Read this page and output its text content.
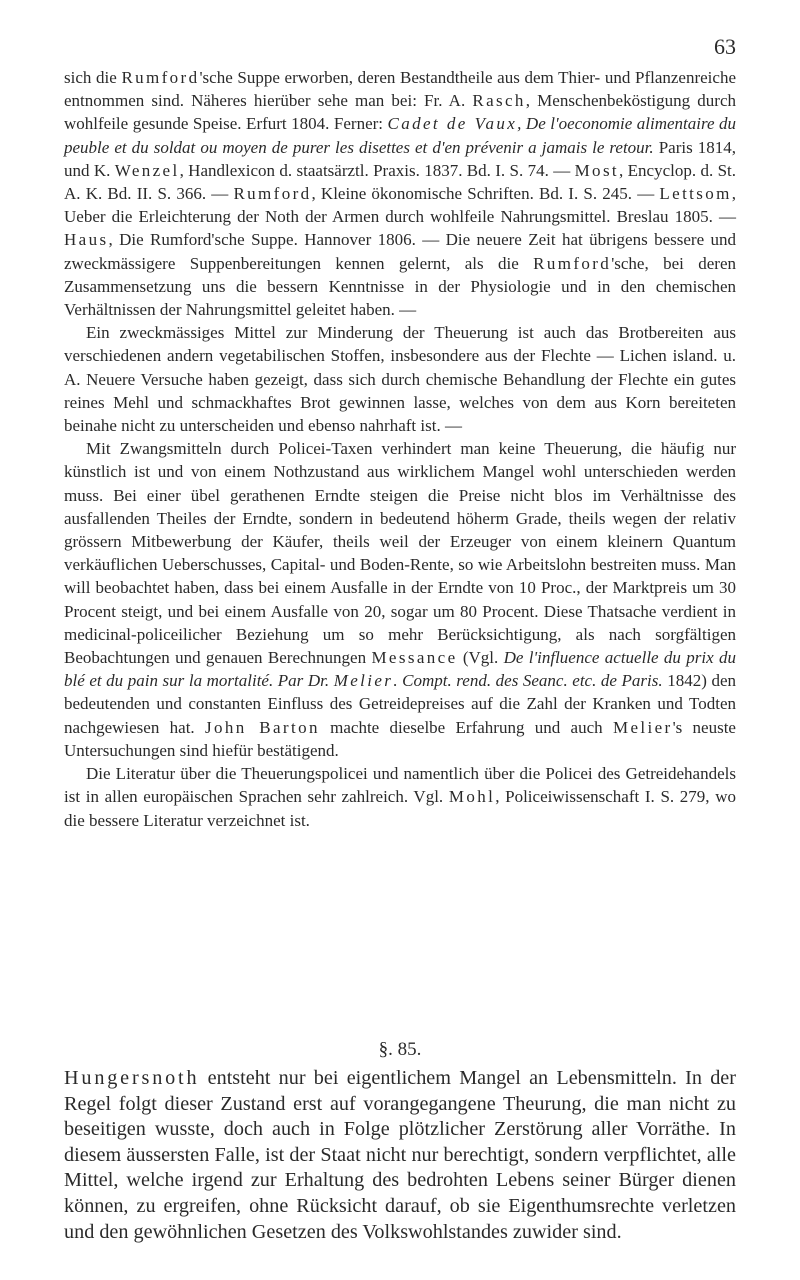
63

sich die Rumford'sche Suppe erworben, deren Bestandtheile aus dem Thier- und Pflanzenreiche entnommen sind. Näheres hierüber sehe man bei: Fr. A. Rasch, Menschenbeköstigung durch wohlfeile gesunde Speise. Erfurt 1804. Ferner: Cadet de Vaux, De l'oeconomie alimentaire du peuble et du soldat ou moyen de purer les disettes et d'en prévenir a jamais le retour. Paris 1814, und K. Wenzel, Handlexicon d. staatsärztl. Praxis. 1837. Bd. I. S. 74. — Most, Encyclop. d. St. A. K. Bd. II. S. 366. — Rumford, Kleine ökonomische Schriften. Bd. I. S. 245. — Lettsom, Ueber die Erleichterung der Noth der Armen durch wohlfeile Nahrungsmittel. Breslau 1805. — Haus, Die Rumford'sche Suppe. Hannover 1806. — Die neuere Zeit hat übrigens bessere und zweckmässigere Suppenbereitungen kennen gelernt, als die Rumford'sche, bei deren Zusammensetzung uns die bessern Kenntnisse in der Physiologie und in den chemischen Verhältnissen der Nahrungsmittel geleitet haben. —

Ein zweckmässiges Mittel zur Minderung der Theuerung ist auch das Brotbereiten aus verschiedenen andern vegetabilischen Stoffen, insbesondere aus der Flechte — Lichen island. u. A. Neuere Versuche haben gezeigt, dass sich durch chemische Behandlung der Flechte ein gutes reines Mehl und schmackhaftes Brot gewinnen lasse, welches von dem aus Korn bereiteten beinahe nicht zu unterscheiden und ebenso nahrhaft ist. —

Mit Zwangsmitteln durch Policei-Taxen verhindert man keine Theuerung, die häufig nur künstlich ist und von einem Nothzustand aus wirklichem Mangel wohl unterschieden werden muss. Bei einer übel gerathenen Erndte steigen die Preise nicht blos im Verhältnisse des ausfallenden Theiles der Erndte, sondern in bedeutend höherm Grade, theils wegen der relativ grössern Mitbewerbung der Käufer, theils weil der Erzeuger von einem kleinern Quantum verkäuflichen Ueberschusses, Capital- und Boden-Rente, so wie Arbeitslohn bestreiten muss. Man will beobachtet haben, dass bei einem Ausfalle in der Erndte von 10 Proc., der Marktpreis um 30 Procent steigt, und bei einem Ausfalle von 20, sogar um 80 Procent. Diese Thatsache verdient in medicinal-policeilicher Beziehung um so mehr Berücksichtigung, als nach sorgfältigen Beobachtungen und genauen Berechnungen Messance (Vgl. De l'influence actuelle du prix du blé et du pain sur la mortalité. Par Dr. Melier. Compt. rend. des Seanc. etc. de Paris. 1842) den bedeutenden und constanten Einfluss des Getreidepreises auf die Zahl der Kranken und Todten nachgewiesen hat. John Barton machte dieselbe Erfahrung und auch Melier's neuste Untersuchungen sind hiefür bestätigend.

Die Literatur über die Theuerungspolicei und namentlich über die Policei des Getreidehandels ist in allen europäischen Sprachen sehr zahlreich. Vgl. Mohl, Policeiwissenschaft I. S. 279, wo die bessere Literatur verzeichnet ist.

§. 85.

Hungersnoth entsteht nur bei eigentlichem Mangel an Lebensmitteln. In der Regel folgt dieser Zustand erst auf vorangegangene Theurung, die man nicht zu beseitigen wusste, doch auch in Folge plötzlicher Zerstörung aller Vorräthe. In diesem äussersten Falle, ist der Staat nicht nur berechtigt, sondern verpflichtet, alle Mittel, welche irgend zur Erhaltung des bedrohten Lebens seiner Bürger dienen können, zu ergreifen, ohne Rücksicht darauf, ob sie Eigenthumsrechte verletzen und den gewöhnlichen Gesetzen des Volkswohlstandes zuwider sind.
